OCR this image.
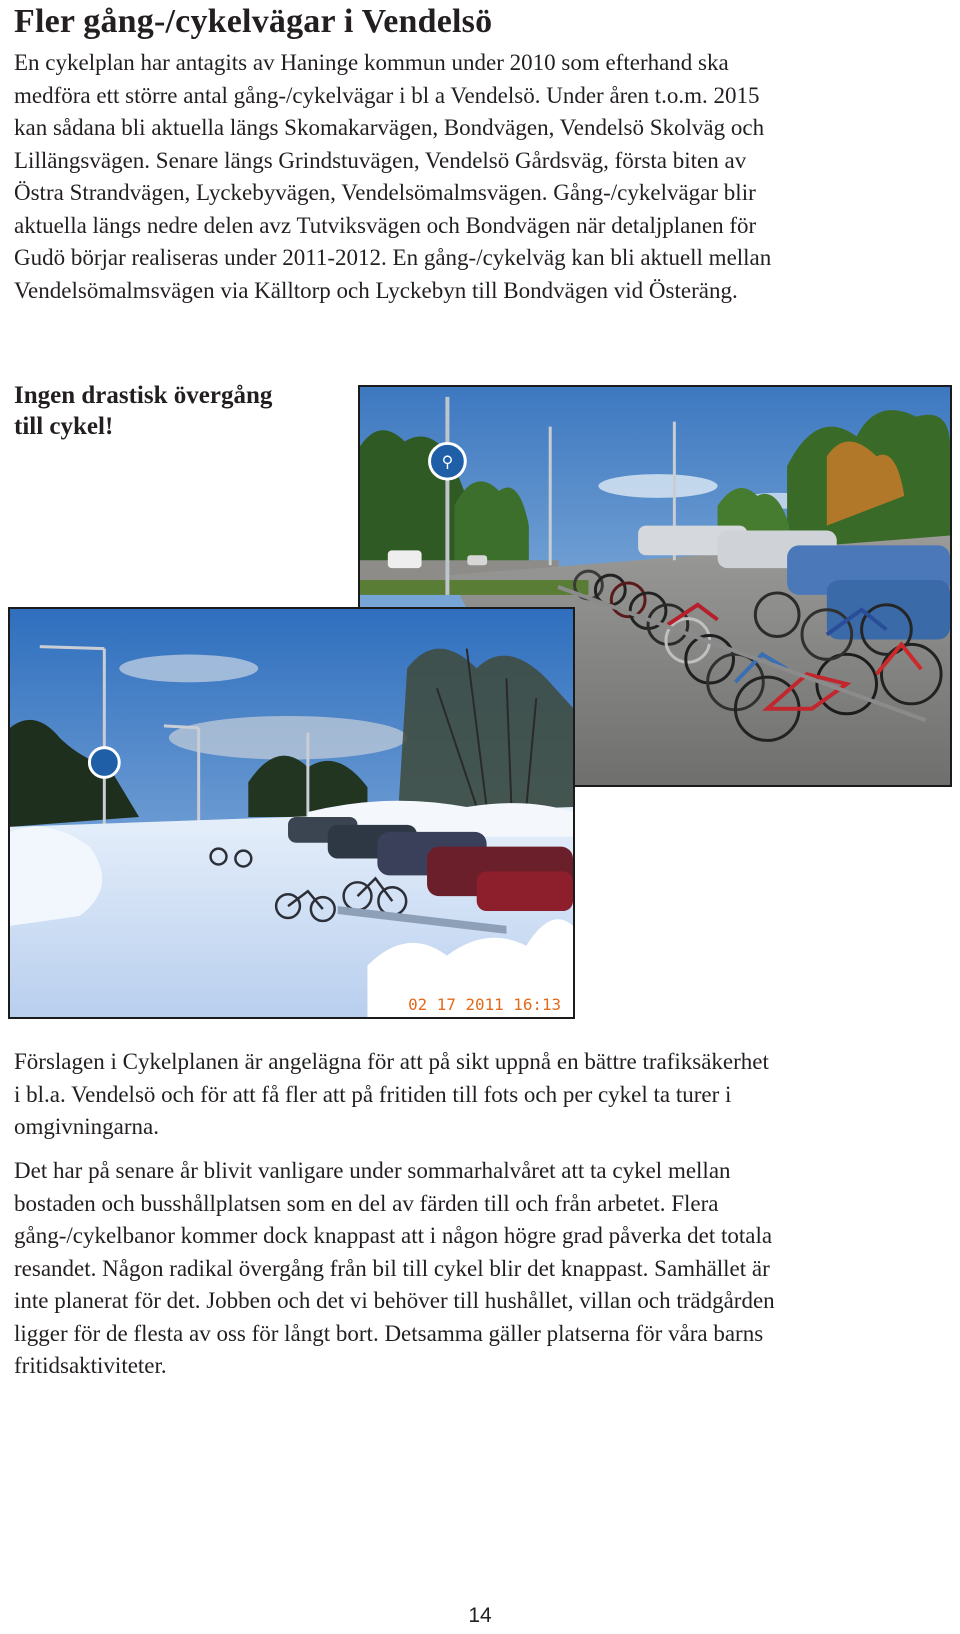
Fler gång-/cykelvägar i Vendelsö
En cykelplan har antagits av Haninge kommun under 2010 som efterhand ska
medföra ett större antal gång-/cykelvägar i bl a Vendelsö. Under åren t.o.m. 2015
kan sådana bli aktuella längs Skomakarvägen, Bondvägen, Vendelsö Skolväg och
Lillängsvägen. Senare längs Grindstuvägen, Vendelsö Gårdsväg, första biten av
Östra Strandvägen, Lyckebyvägen, Vendelsömalmsvägen. Gång-/cykelvägar blir
aktuella längs nedre delen avz Tutviksvägen och Bondvägen när detaljplanen för
Gudö börjar realiseras under 2011-2012. En gång-/cykelväg kan bli aktuell mellan
Vendelsömalmsvägen via Källtorp och Lyckebyn till Bondvägen vid Österäng.
Ingen drastisk övergång
till cykel!
⚲
02 17 2011 16:13
Förslagen i Cykelplanen är angelägna för att på sikt uppnå en bättre trafiksäkerhet
i bl.a. Vendelsö och för att få fler att på fritiden till fots och per cykel ta turer i
omgivningarna.
Det har på senare år blivit vanligare under sommarhalvåret att ta cykel mellan
bostaden och busshållplatsen som en del av färden till och från arbetet. Flera
gång-/cykelbanor kommer dock knappast att i någon högre grad påverka det totala
resandet. Någon radikal övergång från bil till cykel blir det knappast. Samhället är
inte planerat för det. Jobben och det vi behöver till hushållet, villan och trädgården
ligger för de flesta av oss för långt bort. Detsamma gäller platserna för våra barns
fritidsaktiviteter.
14
